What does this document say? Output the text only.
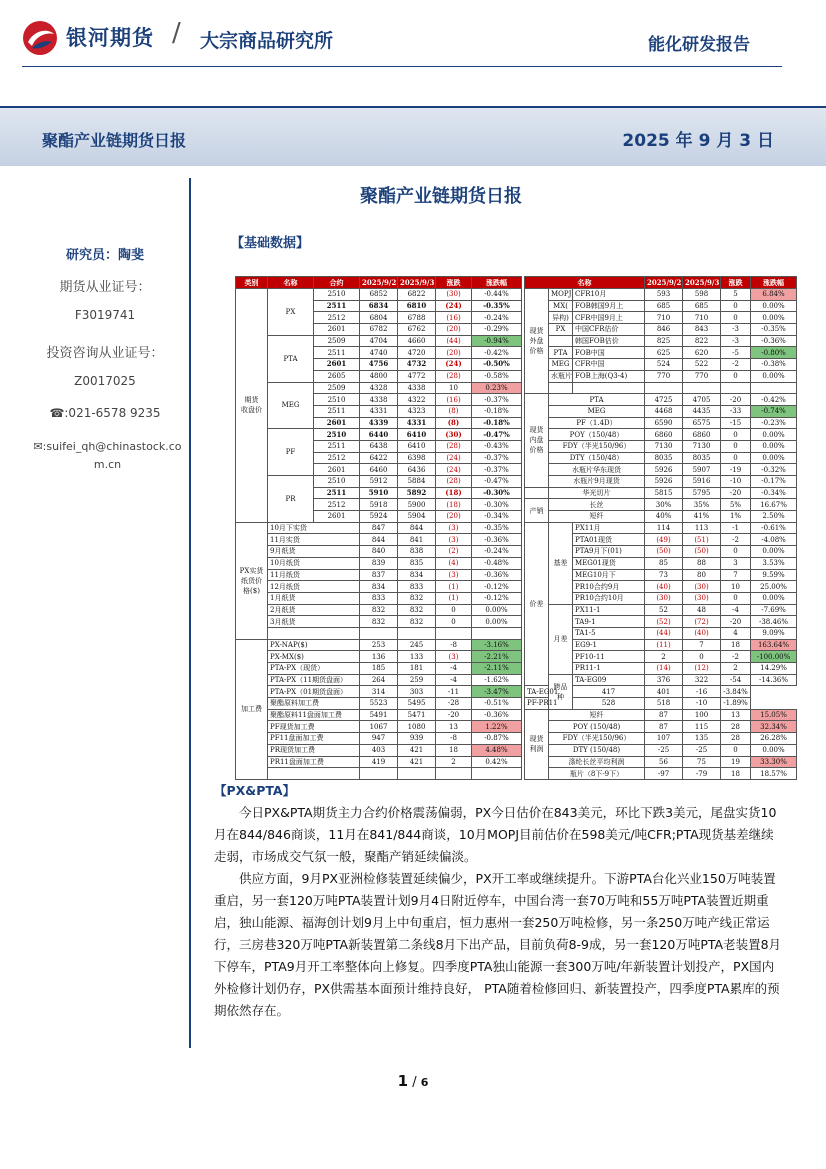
银河期货 / 大宗商品研究所	能化研发报告
聚酯产业链期货日报	2025 年 9 月 3 日
研究员：陶斐
期货从业证号：
F3019741
投资咨询从业证号：
Z0017025
☎:021-6578 9235
✉:suifei_qh@chinastock.com.cn
聚酯产业链期货日报
【基础数据】
类别	名称	合约	2025/9/2	2025/9/3	涨跌	涨跌幅
期货
收盘价	PX	2510	6852	6822	(30)	-0.44%
		2511	6834	6810	(24)	-0.35%
		2512	6804	6788	(16)	-0.24%
		2601	6782	6762	(20)	-0.29%
	PTA	2509	4704	4660	(44)	-0.94%
		2511	4740	4720	(20)	-0.42%
		2601	4756	4732	(24)	-0.50%
		2605	4800	4772	(28)	-0.58%
	MEG	2509	4328	4338	10	0.23%
		2510	4338	4322	(16)	-0.37%
		2511	4331	4323	(8)	-0.18%
		2601	4339	4331	(8)	-0.18%
	PF	2510	6440	6410	(30)	-0.47%
		2511	6438	6410	(28)	-0.43%
		2512	6422	6398	(24)	-0.37%
		2601	6460	6436	(24)	-0.37%
	PR	2510	5912	5884	(28)	-0.47%
		2511	5910	5892	(18)	-0.30%
		2512	5918	5900	(18)	-0.30%
		2601	5924	5904	(20)	-0.34%
PX实货
纸货价
格($)	10月下实货		847	844	(3)	-0.35%
	11月实货		844	841	(3)	-0.36%
	9月纸货		840	838	(2)	-0.24%
	10月纸货		839	835	(4)	-0.48%
	11月纸货		837	834	(3)	-0.36%
	12月纸货		834	833	(1)	-0.12%
	1月纸货		833	832	(1)	-0.12%
	2月纸货		832	832	0	0.00%
	3月纸货		832	832	0	0.00%

加工费	PX-NAP($)		253	245	-8	-3.16%
	PX-MX($)		136	133	(3)	-2.21%
	PTA-PX（现货）		185	181	-4	-2.11%
	PTA-PX（11期货盘面）		264	259	-4	-1.62%
	PTA-PX（01期货盘面）		314	303	-11	-3.47%
	聚酯原料加工费		5523	5495	-28	-0.51%
	聚酯原料11盘面加工费		5491	5471	-20	-0.36%
	PF现货加工费		1067	1080	13	1.22%
	PF11盘面加工费		947	939	-8	-0.87%
	PR现货加工费		403	421	18	4.48%
	PR11盘面加工费		419	421	2	0.42%

名称			2025/9/2	2025/9/3	涨跌	涨跌幅
现货
外盘
价格	MOPJ	CFR10月	593	598	5	6.84%
	MX(	FOB韩国9月上	685	685	0	0.00%
	异构)	CFR中国9月上	710	710	0	0.00%
	PX	中国CFR估价	846	843	-3	-0.35%
		韩国FOB估价	825	822	-3	-0.36%
	PTA	FOB中国	625	620	-5	-0.80%
	MEG	CFR中国	524	522	-2	-0.38%
	水瓶片	FOB上海(Q3-4)	770	770	0	0.00%

现货
内盘
价格	PTA		4725	4705	-20	-0.42%
	MEG		4468	4435	-33	-0.74%
	PF（1.4D）		6590	6575	-15	-0.23%
	POY（150/48）		6860	6860	0	0.00%
	FDY（半光150/96）		7130	7130	0	0.00%
	DTY（150/48）		8035	8035	0	0.00%
	水瓶片华东现货		5926	5907	-19	-0.32%
	水瓶片9月现货		5926	5916	-10	-0.17%
	华光切片		5815	5795	-20	-0.34%
产销	长丝		30%	35%	5%	16.67%
	短纤		40%	41%	1%	2.50%
价差	基差	PX11月	114	113	-1	-0.61%
		PTA01现货	(49)	(51)	-2	-4.08%
		PTA9月下(01)	(50)	(50)	0	0.00%
		MEG01现货	85	88	3	3.53%
		MEG10月下	73	80	7	9.59%
		PR10合约9月	(40)	(30)	10	25.00%
		PR10合约10月	(30)	(30)	0	0.00%
	月差	PX11-1	52	48	-4	-7.69%
		TA9-1	(52)	(72)	-20	-38.46%
		TA1-5	(44)	(40)	4	9.09%
		EG9-1	(11)	7	18	163.64%
		PF10-11	2	0	-2	-100.00%
		PR11-1	(14)	(12)	2	14.29%
	跨品种	TA-EG09	376	322	-54	-14.36%
TA-EG01		417	401	-16	-3.84%	
PF-PR11		528	518	-10	-1.89%	
现货
利润	短纤		87	100	13	15.05%
	POY (150/48)		87	115	28	32.34%
	FDY（半光150/96）		107	135	28	26.28%
	DTY (150/48)		-25	-25	0	0.00%
	涤纶长丝平均利润		56	75	19	33.30%
	瓶片（8下-9下）		-97	-79	18	18.57%

【PX&PTA】

今日PX&PTA期货主力合约价格震荡偏弱，PX今日估价在843美元，环比下跌3美元，尾盘实货10月在844/846商谈，11月在841/844商谈，10月MOPJ目前估价在598美元/吨CFR;PTA现货基差继续走弱，市场成交气氛一般，聚酯产销延续偏淡。

供应方面，9月PX亚洲检修装置延续偏少，PX开工率或继续提升。下游PTA台化兴业150万吨装置重启，另一套120万吨PTA装置计划9月4日附近停车，中国台湾一套70万吨和55万吨PTA装置近期重启，独山能源、福海创计划9月上中旬重启，恒力惠州一套250万吨检修，另一条250万吨产线正常运行，三房巷320万吨PTA新装置第二条线8月下出产品，目前负荷8-9成，另一套120万吨PTA老装置8月下停车，PTA9月开工率整体向上修复。四季度PTA独山能源一套300万吨/年新装置计划投产，PX国内外检修计划仍存，PX供需基本面预计维持良好， PTA随着检修回归、新装置投产，四季度PTA累库的预期依然存在。

1 / 6
